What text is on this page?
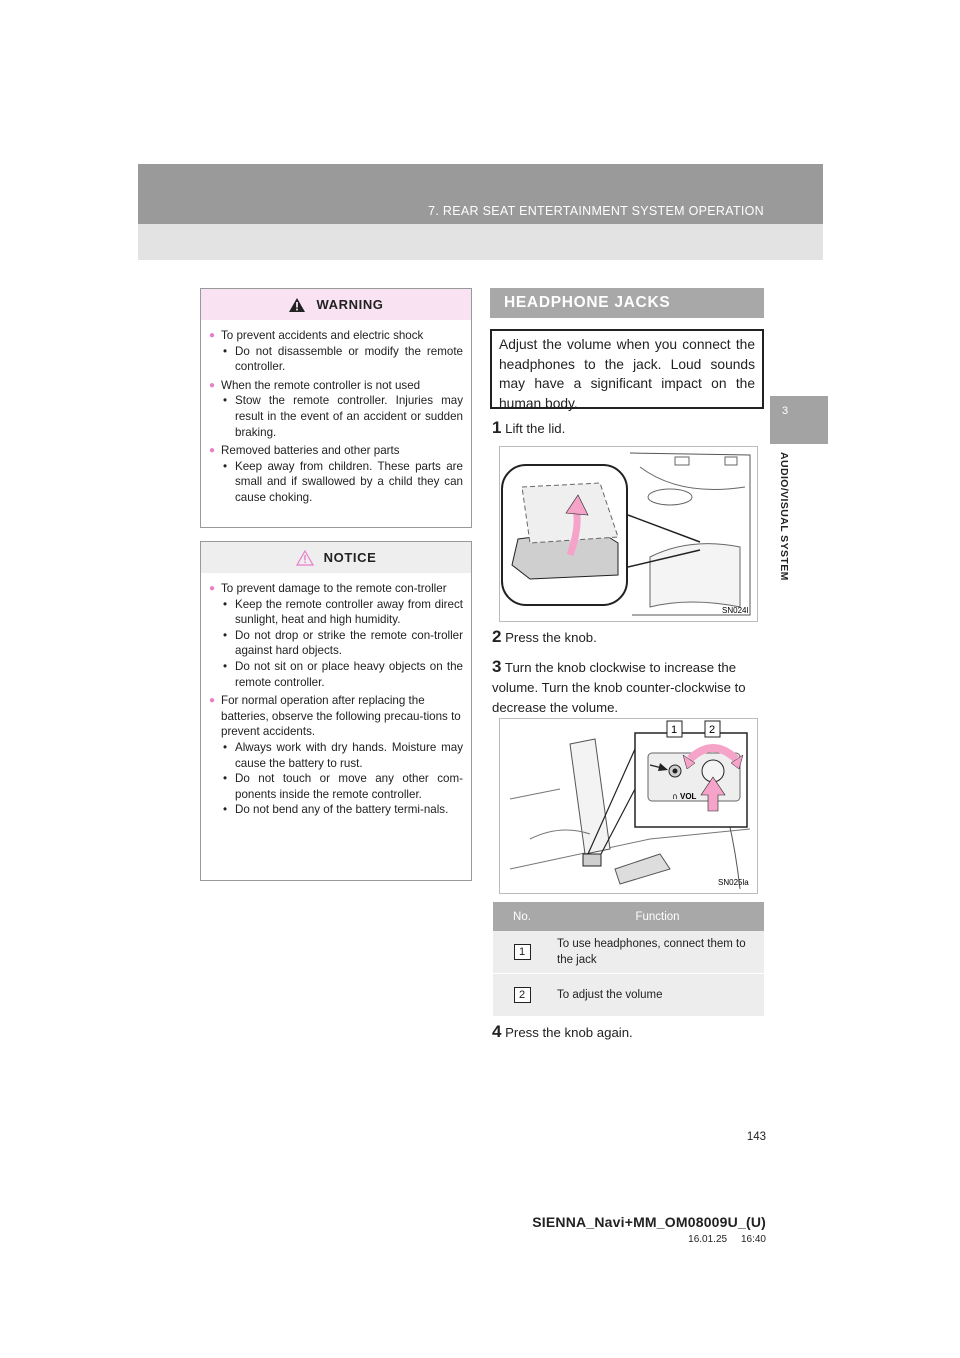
7. REAR SEAT ENTERTAINMENT SYSTEM OPERATION
3
AUDIO/VISUAL SYSTEM
WARNING
● To prevent accidents and electric shock
• Do not disassemble or modify the remote controller.
● When the remote controller is not used
• Stow the remote controller. Injuries may result in the event of an accident or sudden braking.
● Removed batteries and other parts
• Keep away from children. These parts are small and if swallowed by a child they can cause choking.
NOTICE
● To prevent damage to the remote con-troller
• Keep the remote controller away from direct sunlight, heat and high humidity.
• Do not drop or strike the remote con-troller against hard objects.
• Do not sit on or place heavy objects on the remote controller.
● For normal operation after replacing the batteries, observe the following precau-tions to prevent accidents.
• Always work with dry hands. Moisture may cause the battery to rust.
• Do not touch or move any other com-ponents inside the remote controller.
• Do not bend any of the battery termi-nals.
HEADPHONE JACKS
Adjust the volume when you connect the headphones to the jack. Loud sounds may have a significant impact on the human body.
1 Lift the lid.
SN024l
2 Press the knob.
3 Turn the knob clockwise to increase the volume. Turn the knob counter-clockwise to decrease the volume.
VOL
∩
1	2
SN025la
No.	Function
1	To use headphones, connect them to the jack
2	To adjust the volume
4 Press the knob again.
143
SIENNA_Navi+MM_OM08009U_(U)
16.01.25     16:40
